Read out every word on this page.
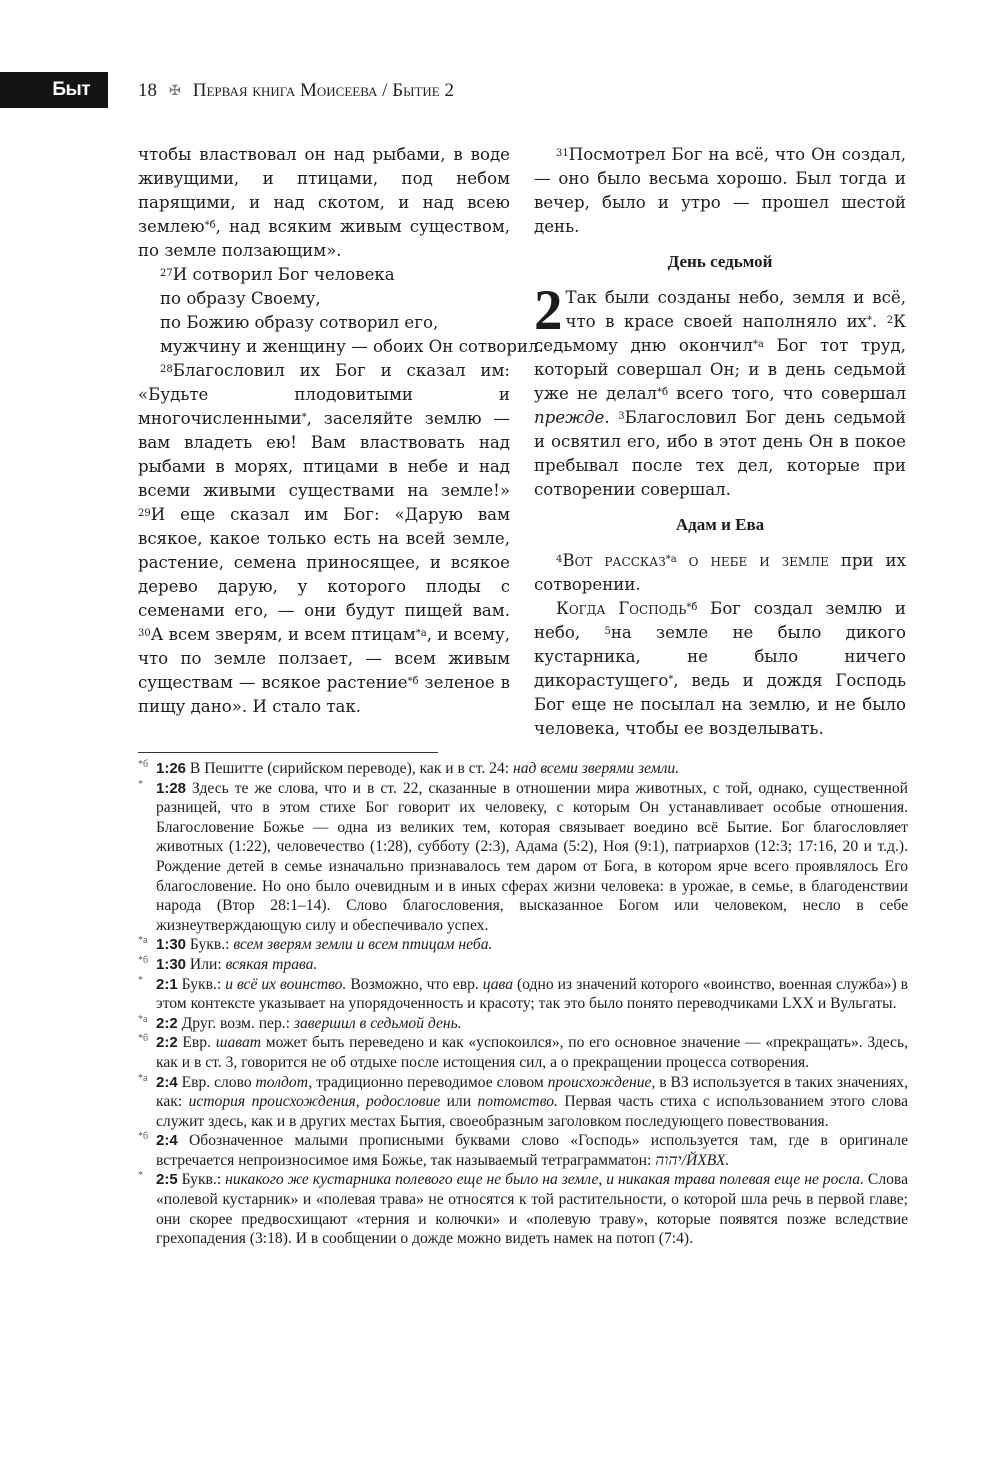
Быт	18 ✠ Первая книга Моисеева / Бытие 2

чтобы властвовал он над рыбами, в воде живущими, и птицами, под небом парящими, и над скотом, и над всею землею$^{*б}$, над всяким живым существом, по земле ползающим».

$^{27}$И сотворил Бог человека

по образу Своему,

по Божию образу сотворил его,

мужчину и женщину — обоих Он сотворил.

$^{28}$Благословил их Бог и сказал им: «Будьте плодовитыми и многочисленными*, заселяйте землю — вам владеть ею! Вам властвовать над рыбами в морях, птицами в небе и над всеми живыми существами на земле!» $^{29}$И еще сказал им Бог: «Дарую вам всякое, какое только есть на всей земле, растение, семена приносящее, и всякое дерево дарую, у которого плоды с семенами его, — они будут пищей вам. $^{30}$А всем зверям, и всем птицам$^{*а}$, и всему, что по земле ползает, — всем живым существам — всякое растение$^{*б}$ зеленое в пищу дано». И стало так.

$^{31}$Посмотрел Бог на всё, что Он создал, — оно было весьма хорошо. Был тогда и вечер, было и утро — прошел шестой день.

День седьмой

2 Так были созданы небо, земля и всё, что в красе своей наполняло их*. $^2$К седьмому дню окончил$^{*а}$ Бог тот труд, который совершал Он; и в день седьмой уже не делал$^{*б}$ всего того, что совершал прежде. $^3$Благословил Бог день седьмой и освятил его, ибо в этот день Он в покое пребывал после тех дел, которые при сотворении совершал.

Адам и Ева

$^4$Вот рассказ$^{*а}$ о небе и земле при их сотворении.

Когда Господь$^{*б}$ Бог создал землю и небо, $^5$на земле не было дикого кустарника, не было ничего дикорастущего*, ведь и дождя Господь Бог еще не посылал на землю, и не было человека, чтобы ее возделывать.

*б 1:26 В Пешитте (сирийском переводе), как и в ст. 24: над всеми зверями земли.
* 1:28 Здесь те же слова, что и в ст. 22, сказанные в отношении мира животных, с той, однако, существенной разницей, что в этом стихе Бог говорит их человеку, с которым Он устанавливает особые отношения. Благословение Божье — одна из великих тем, которая связывает воедино всё Бытие. Бог благословляет животных (1:22), человечество (1:28), субботу (2:3), Адама (5:2), Ноя (9:1), патриархов (12:3; 17:16, 20 и т.д.). Рождение детей в семье изначально признавалось тем даром от Бога, в котором ярче всего проявлялось Его благословение. Но оно было очевидным и в иных сферах жизни человека: в урожае, в семье, в благоденствии народа (Втор 28:1–14). Слово благословения, высказанное Богом или человеком, несло в себе жизнеутверждающую силу и обеспечивало успех.
*а 1:30 Букв.: всем зверям земли и всем птицам неба.
*б 1:30 Или: всякая трава.
* 2:1 Букв.: и всё их воинство. Возможно, что евр. цава (одно из значений которого «воинство, военная служба») в этом контексте указывает на упорядоченность и красоту; так это было понято переводчиками LXX и Вульгаты.
*а 2:2 Друг. возм. пер.: завершил в седьмой день.
*б 2:2 Евр. шават может быть переведено и как «успокоился», по его основное значение — «прекращать». Здесь, как и в ст. 3, говорится не об отдыхе после истощения сил, а о прекращении процесса сотворения.
*а 2:4 Евр. слово толдот, традиционно переводимое словом происхождение, в ВЗ используется в таких значениях, как: история происхождения, родословие или потомство. Первая часть стиха с использованием этого слова служит здесь, как и в других местах Бытия, своеобразным заголовком последующего повествования.
*б 2:4 Обозначенное малыми прописными буквами слово «Господь» используется там, где в оригинале встречается непроизносимое имя Божье, так называемый тетраграмматон: יהוה/ЙХВХ.
* 2:5 Букв.: никакого же кустарника полевого еще не было на земле, и никакая трава полевая еще не росла. Слова «полевой кустарник» и «полевая трава» не относятся к той растительности, о которой шла речь в первой главе; они скорее предвосхищают «терния и колючки» и «полевую траву», которые появятся позже вследствие грехопадения (3:18). И в сообщении о дожде можно видеть намек на потоп (7:4).
